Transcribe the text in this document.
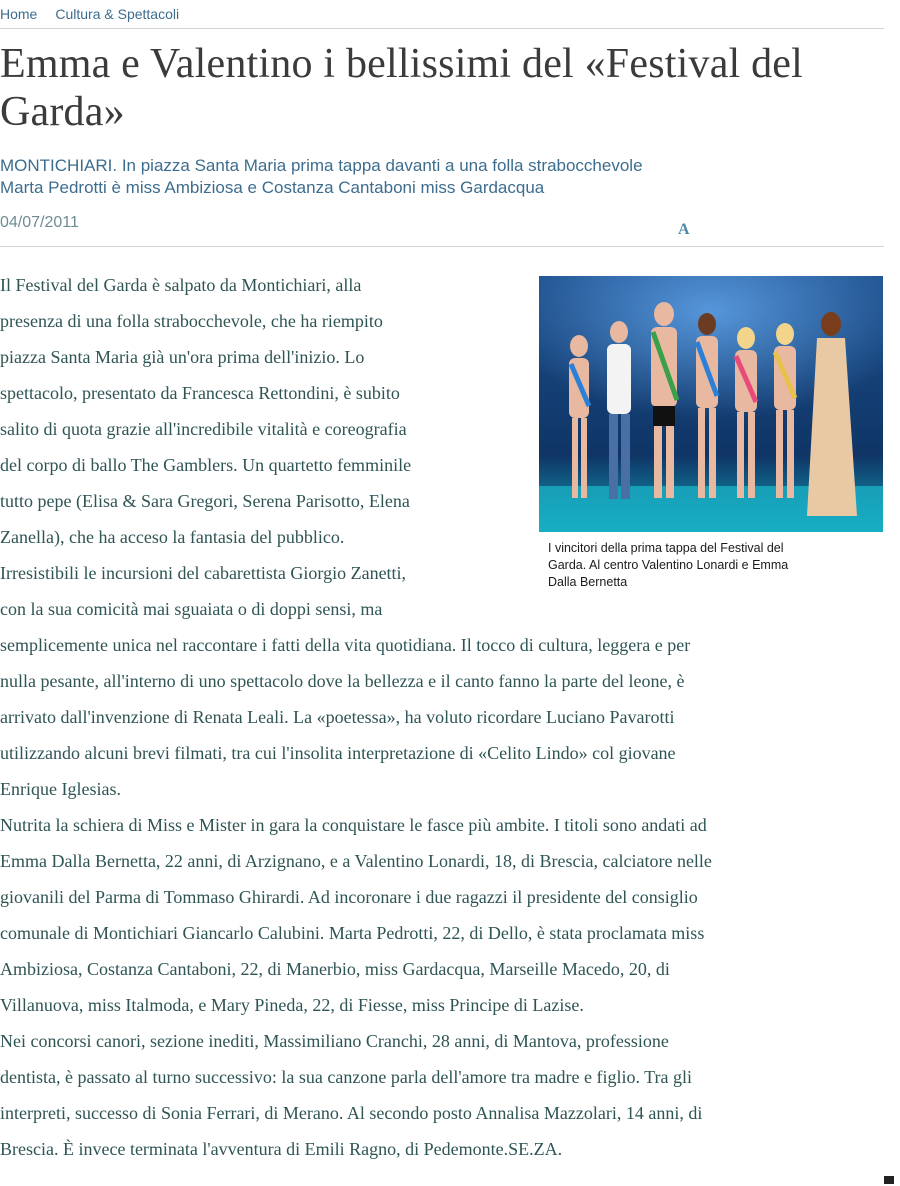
Home Cultura & Spettacoli
Emma e Valentino i bellissimi del «Festival del Garda»
MONTICHIARI. In piazza Santa Maria prima tappa davanti a una folla strabocchevole
Marta Pedrotti è miss Ambiziosa e Costanza Cantaboni miss Gardacqua
04/07/2011	A
I vincitori della prima tappa del Festival del
Garda. Al centro Valentino Lonardi e Emma
Dalla Bernetta
Il Festival del Garda è salpato da Montichiari, alla
presenza di una folla strabocchevole, che ha riempito
piazza Santa Maria già un'ora prima dell'inizio. Lo
spettacolo, presentato da Francesca Rettondini, è subito
salito di quota grazie all'incredibile vitalità e coreografia
del corpo di ballo The Gamblers. Un quartetto femminile
tutto pepe (Elisa & Sara Gregori, Serena Parisotto, Elena
Zanella), che ha acceso la fantasia del pubblico.
Irresistibili le incursioni del cabarettista Giorgio Zanetti,
con la sua comicità mai sguaiata o di doppi sensi, ma
semplicemente unica nel raccontare i fatti della vita quotidiana. Il tocco di cultura, leggera e per
nulla pesante, all'interno di uno spettacolo dove la bellezza e il canto fanno la parte del leone, è
arrivato dall'invenzione di Renata Leali. La «poetessa», ha voluto ricordare Luciano Pavarotti
utilizzando alcuni brevi filmati, tra cui l'insolita interpretazione di «Celito Lindo» col giovane
Enrique Iglesias.
Nutrita la schiera di Miss e Mister in gara la conquistare le fasce più ambite. I titoli sono andati ad
Emma Dalla Bernetta, 22 anni, di Arzignano, e a Valentino Lonardi, 18, di Brescia, calciatore nelle
giovanili del Parma di Tommaso Ghirardi. Ad incoronare i due ragazzi il presidente del consiglio
comunale di Montichiari Giancarlo Calubini. Marta Pedrotti, 22, di Dello, è stata proclamata miss
Ambiziosa, Costanza Cantaboni, 22, di Manerbio, miss Gardacqua, Marseille Macedo, 20, di
Villanuova, miss Italmoda, e Mary Pineda, 22, di Fiesse, miss Principe di Lazise.
Nei concorsi canori, sezione inediti, Massimiliano Cranchi, 28 anni, di Mantova, professione
dentista, è passato al turno successivo: la sua canzone parla dell'amore tra madre e figlio. Tra gli
interpreti, successo di Sonia Ferrari, di Merano. Al secondo posto Annalisa Mazzolari, 14 anni, di
Brescia. È invece terminata l'avventura di Emili Ragno, di Pedemonte.SE.ZA.
